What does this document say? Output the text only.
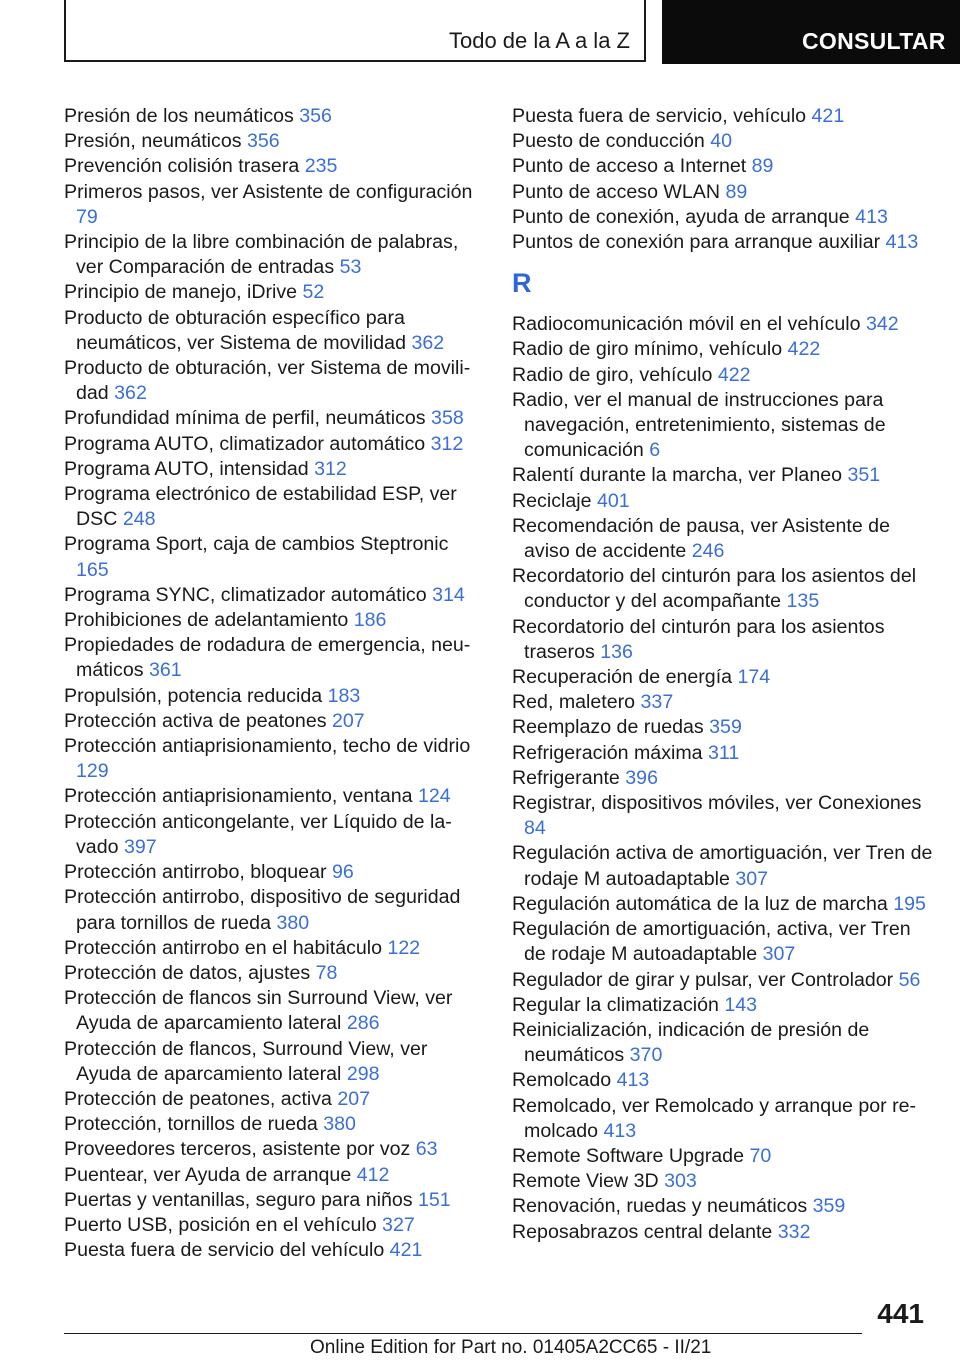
Todo de la A a la Z	CONSULTAR
Presión de los neumáticos 356
Presión, neumáticos 356
Prevención colisión trasera 235
Primeros pasos, ver Asistente de configuración 79
Principio de la libre combinación de palabras, ver Comparación de entradas 53
Principio de manejo, iDrive 52
Producto de obturación específico para neumáticos, ver Sistema de movilidad 362
Producto de obturación, ver Sistema de movilidad 362
Profundidad mínima de perfil, neumáticos 358
Programa AUTO, climatizador automático 312
Programa AUTO, intensidad 312
Programa electrónico de estabilidad ESP, ver DSC 248
Programa Sport, caja de cambios Steptronic 165
Programa SYNC, climatizador automático 314
Prohibiciones de adelantamiento 186
Propiedades de rodadura de emergencia, neumáticos 361
Propulsión, potencia reducida 183
Protección activa de peatones 207
Protección antiaprisionamiento, techo de vidrio 129
Protección antiaprisionamiento, ventana 124
Protección anticongelante, ver Líquido de lavado 397
Protección antirrobo, bloquear 96
Protección antirrobo, dispositivo de seguridad para tornillos de rueda 380
Protección antirrobo en el habitáculo 122
Protección de datos, ajustes 78
Protección de flancos sin Surround View, ver Ayuda de aparcamiento lateral 286
Protección de flancos, Surround View, ver Ayuda de aparcamiento lateral 298
Protección de peatones, activa 207
Protección, tornillos de rueda 380
Proveedores terceros, asistente por voz 63
Puentear, ver Ayuda de arranque 412
Puertas y ventanillas, seguro para niños 151
Puerto USB, posición en el vehículo 327
Puesta fuera de servicio del vehículo 421
Puesta fuera de servicio, vehículo 421
Puesto de conducción 40
Punto de acceso a Internet 89
Punto de acceso WLAN 89
Punto de conexión, ayuda de arranque 413
Puntos de conexión para arranque auxiliar 413
R
Radiocomunicación móvil en el vehículo 342
Radio de giro mínimo, vehículo 422
Radio de giro, vehículo 422
Radio, ver el manual de instrucciones para navegación, entretenimiento, sistemas de comunicación 6
Ralentí durante la marcha, ver Planeo 351
Reciclaje 401
Recomendación de pausa, ver Asistente de aviso de accidente 246
Recordatorio del cinturón para los asientos del conductor y del acompañante 135
Recordatorio del cinturón para los asientos traseros 136
Recuperación de energía 174
Red, maletero 337
Reemplazo de ruedas 359
Refrigeración máxima 311
Refrigerante 396
Registrar, dispositivos móviles, ver Conexiones 84
Regulación activa de amortiguación, ver Tren de rodaje M autoadaptable 307
Regulación automática de la luz de marcha 195
Regulación de amortiguación, activa, ver Tren de rodaje M autoadaptable 307
Regulador de girar y pulsar, ver Controlador 56
Regular la climatización 143
Reinicialización, indicación de presión de neumáticos 370
Remolcado 413
Remolcado, ver Remolcado y arranque por remolcado 413
Remote Software Upgrade 70
Remote View 3D 303
Renovación, ruedas y neumáticos 359
Reposabrazos central delante 332
441
Online Edition for Part no. 01405A2CC65 - II/21
